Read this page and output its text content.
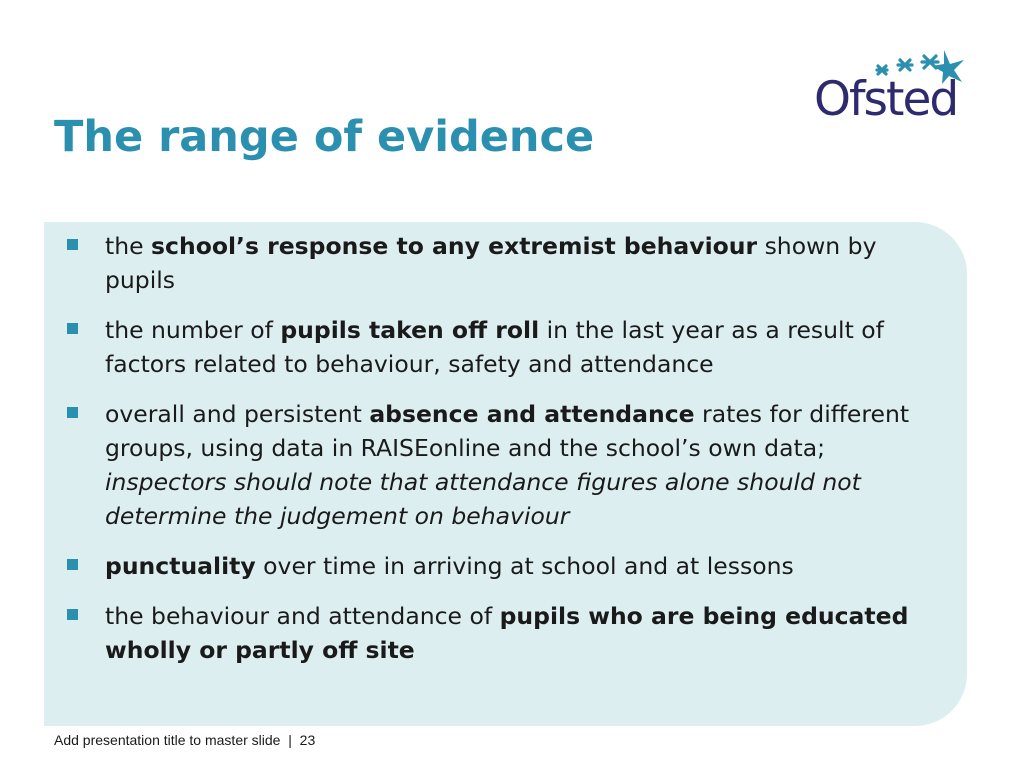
The range of evidence
Ofsted
the school’s response to any extremist behaviour shown by pupils
the number of pupils taken off roll in the last year as a result of factors related to behaviour, safety and attendance
overall and persistent absence and attendance rates for different groups, using data in RAISEonline and the school’s own data; inspectors should note that attendance figures alone should not determine the judgement on behaviour
punctuality over time in arriving at school and at lessons
the behaviour and attendance of pupils who are being educated wholly or partly off site
Add presentation title to master slide | 23
